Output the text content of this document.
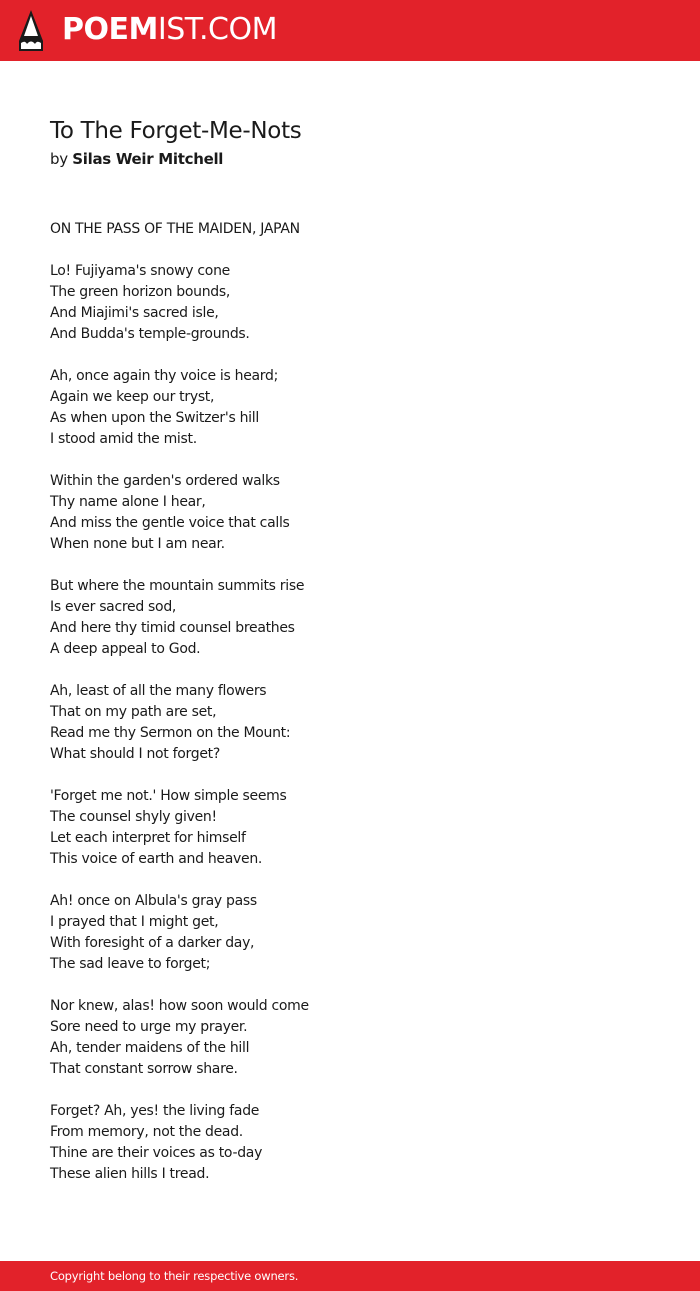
POEMIST.COM
To The Forget-Me-Nots
by Silas Weir Mitchell
ON THE PASS OF THE MAIDEN, JAPAN
Lo! Fujiyama's snowy cone
The green horizon bounds,
And Miajimi's sacred isle,
And Budda's temple-grounds.
Ah, once again thy voice is heard;
Again we keep our tryst,
As when upon the Switzer's hill
I stood amid the mist.
Within the garden's ordered walks
Thy name alone I hear,
And miss the gentle voice that calls
When none but I am near.
But where the mountain summits rise
Is ever sacred sod,
And here thy timid counsel breathes
A deep appeal to God.
Ah, least of all the many flowers
That on my path are set,
Read me thy Sermon on the Mount:
What should I not forget?
'Forget me not.' How simple seems
The counsel shyly given!
Let each interpret for himself
This voice of earth and heaven.
Ah! once on Albula's gray pass
I prayed that I might get,
With foresight of a darker day,
The sad leave to forget;
Nor knew, alas! how soon would come
Sore need to urge my prayer.
Ah, tender maidens of the hill
That constant sorrow share.
Forget? Ah, yes! the living fade
From memory, not the dead.
Thine are their voices as to-day
These alien hills I tread.
Copyright belong to their respective owners.
